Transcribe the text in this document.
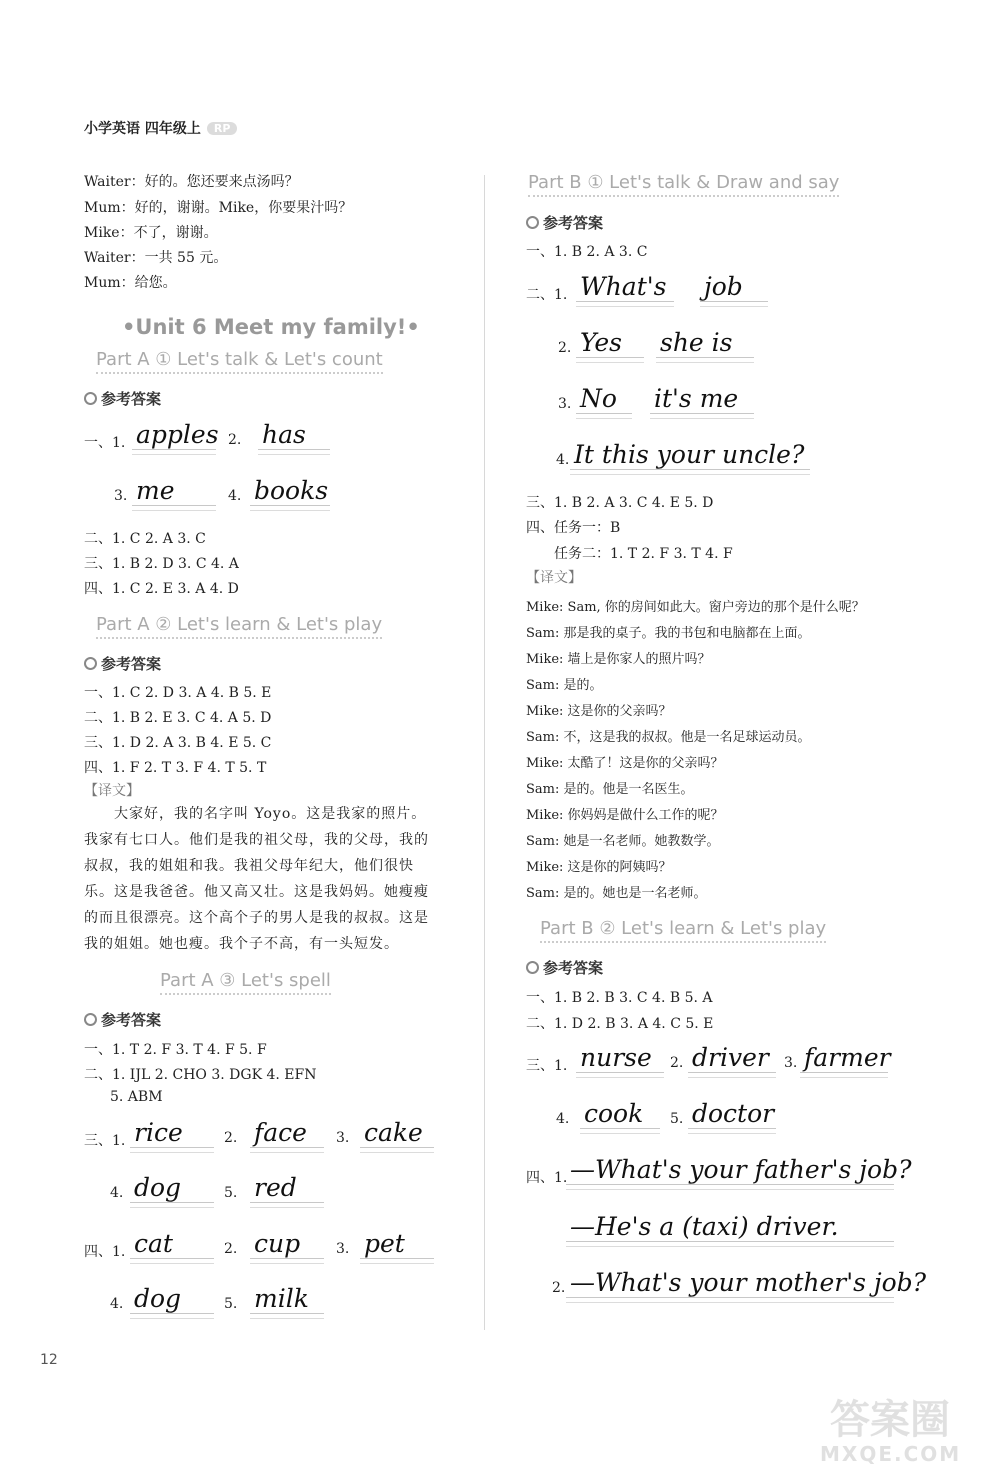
小学英语 四年级上 RP
Waiter：好的。您还要来点汤吗？
Mum：好的，谢谢。Mike，你要果汁吗？
Mike：不了，谢谢。
Waiter：一共 55 元。
Mum：给您。
•Unit 6 Meet my family!•
Part A ① Let's talk & Let's count
参考答案
一、1. apples 2. has
3. me	4. books
二、1. C 2. A 3. C
三、1. B 2. D 3. C 4. A
四、1. C 2. E 3. A 4. D
Part A ② Let's learn & Let's play
参考答案
一、1. C 2. D 3. A 4. B 5. E
二、1. B 2. E 3. C 4. A 5. D
三、1. D 2. A 3. B 4. E 5. C
四、1. F 2. T 3. F 4. T 5. T
【译文】
大家好，我的名字叫 Yoyo。这是我家的照片。
我家有七口人。他们是我的祖父母，我的父母，我的
叔叔，我的姐姐和我。我祖父母年纪大，他们很快
乐。这是我爸爸。他又高又壮。这是我妈妈。她瘦瘦
的而且很漂亮。这个高个子的男人是我的叔叔。这是
我的姐姐。她也瘦。我个子不高，有一头短发。
Part A ③ Let's spell
参考答案
一、1. T 2. F 3. T 4. F 5. F
二、1. IJL 2. CHO 3. DGK 4. EFN
5. ABM
三、1. rice	2. face	3. cake
4. dog	5. red
四、1. cat	2. cup	3. pet
4. dog	5. milk
Part B ① Let's talk & Draw and say
参考答案
一、1. B 2. A 3. C
二、1. What's	job
2. Yes	she is
3. No	it's me
4. It this your uncle?
三、1. B 2. A 3. C 4. E 5. D
四、任务一：B
任务二：1. T 2. F 3. T 4. F
【译文】
Mike: Sam, 你的房间如此大。窗户旁边的那个是什么呢？
Sam: 那是我的桌子。我的书包和电脑都在上面。
Mike: 墙上是你家人的照片吗？
Sam: 是的。
Mike: 这是你的父亲吗？
Sam: 不，这是我的叔叔。他是一名足球运动员。
Mike: 太酷了！这是你的父亲吗？
Sam: 是的。他是一名医生。
Mike: 你妈妈是做什么工作的呢？
Sam: 她是一名老师。她教数学。
Mike: 这是你的阿姨吗？
Sam: 是的。她也是一名老师。
Part B ② Let's learn & Let's play
参考答案
一、1. B 2. B 3. C 4. B 5. A
二、1. D 2. B 3. A 4. C 5. E
三、1. nurse	2. driver	3. farmer
4. cook	5. doctor
四、1. —What's your father's job?
—He's a (taxi) driver.
2. —What's your mother's job?
12
答案圈
MXQE.COM
